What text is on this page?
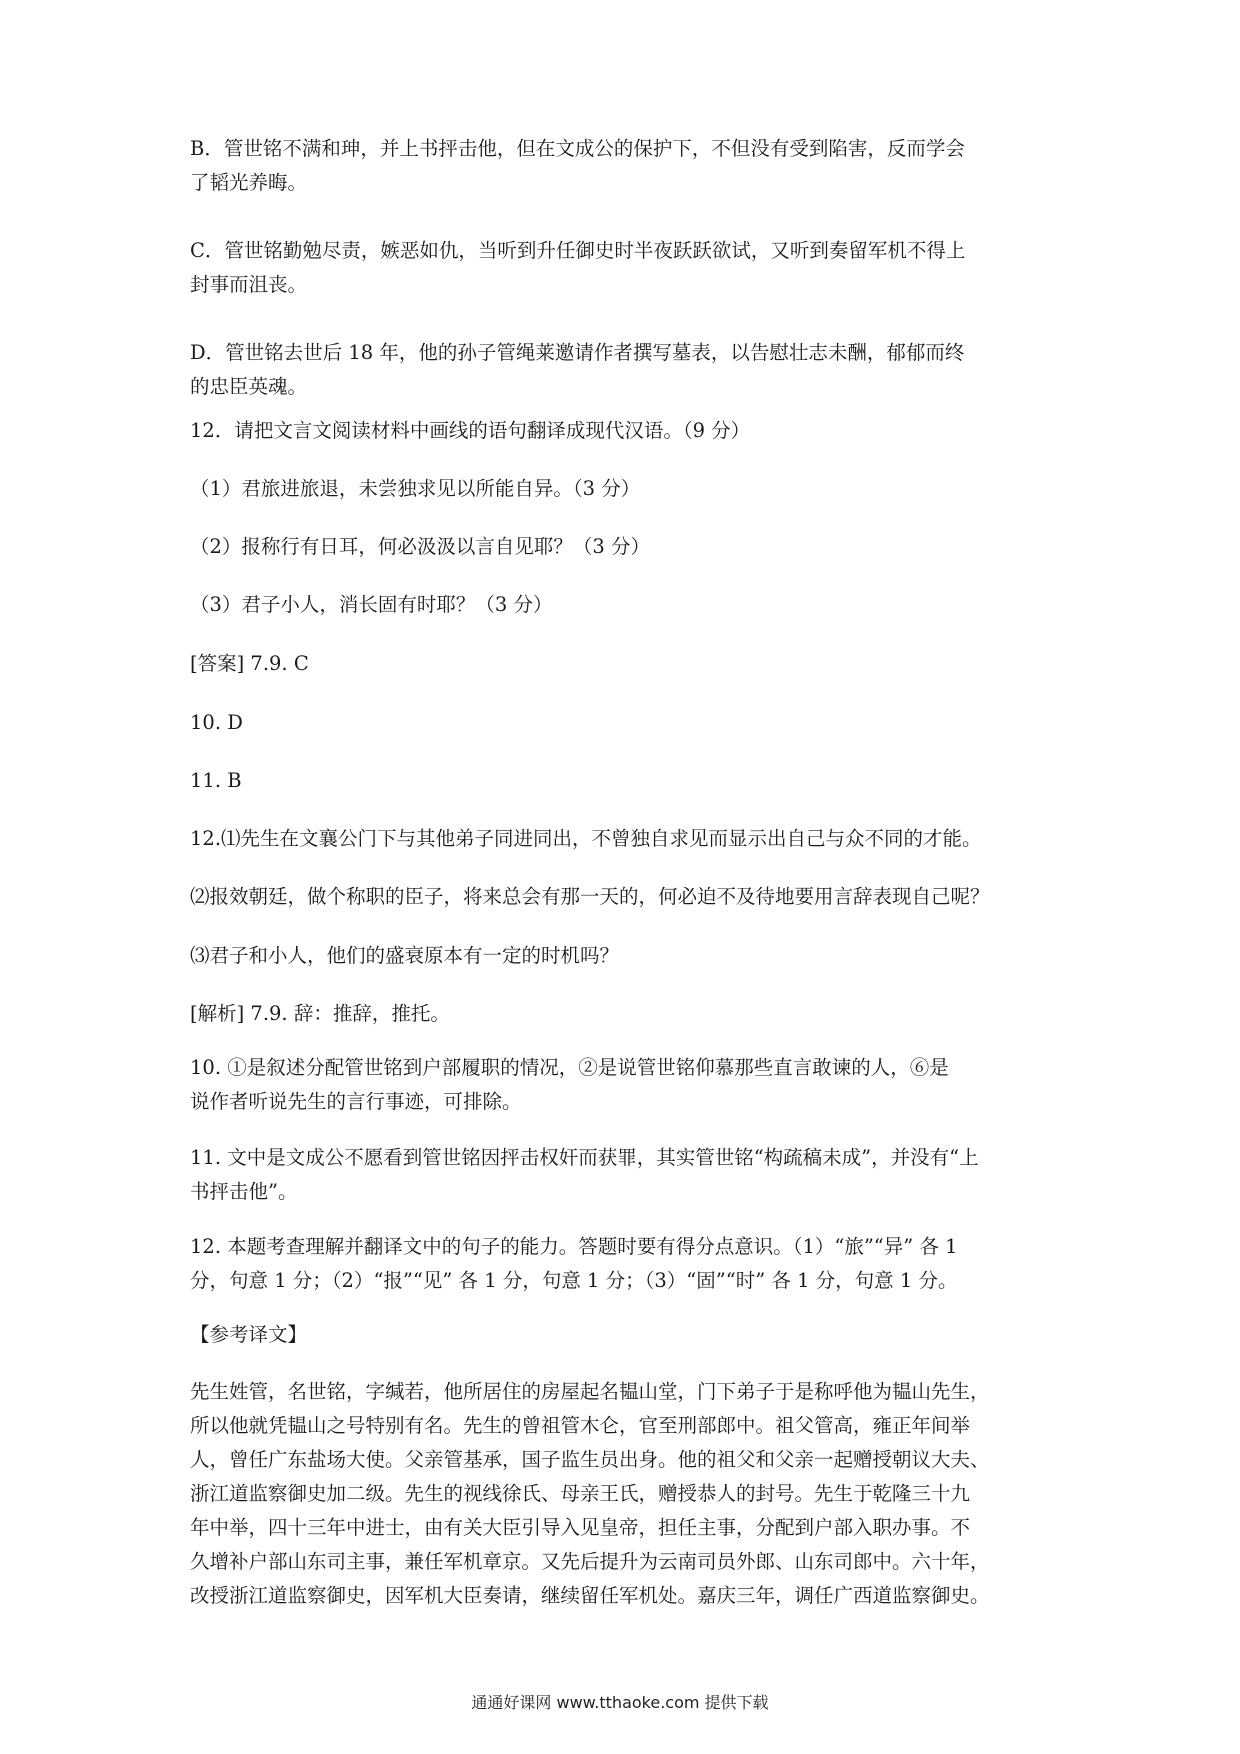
B．管世铭不满和珅，并上书抨击他，但在文成公的保护下，不但没有受到陷害，反而学会
了韬光养晦。
C．管世铭勤勉尽责，嫉恶如仇，当听到升任御史时半夜跃跃欲试，又听到奏留军机不得上
封事而沮丧。
D．管世铭去世后 18 年，他的孙子管绳莱邀请作者撰写墓表，以告慰壮志未酬，郁郁而终
的忠臣英魂。
12．请把文言文阅读材料中画线的语句翻译成现代汉语。（9 分）
（1）君旅进旅退，未尝独求见以所能自异。（3 分）
（2）报称行有日耳，何必汲汲以言自见耶？（3 分）
（3）君子小人，消长固有时耶？（3 分）
[答案] 7.9. C
10. D
11. B
12.⑴先生在文襄公门下与其他弟子同进同出，不曾独自求见而显示出自己与众不同的才能。
⑵报效朝廷，做个称职的臣子，将来总会有那一天的，何必迫不及待地要用言辞表现自己呢？
⑶君子和小人，他们的盛衰原本有一定的时机吗？
[解析] 7.9. 辞：推辞，推托。
10. ①是叙述分配管世铭到户部履职的情况，②是说管世铭仰慕那些直言敢谏的人，⑥是
说作者听说先生的言行事迹，可排除。
11. 文中是文成公不愿看到管世铭因抨击权奸而获罪，其实管世铭“构疏稿未成”，并没有“上
书抨击他”。
12. 本题考查理解并翻译文中的句子的能力。答题时要有得分点意识。（1）“旅”“异” 各 1
分，句意 1 分；（2）“报”“见” 各 1 分，句意 1 分；（3）“固”“时” 各 1 分，句意 1 分。
【参考译文】
先生姓管，名世铭，字缄若，他所居住的房屋起名韫山堂，门下弟子于是称呼他为韫山先生，
所以他就凭韫山之号特别有名。先生的曾祖管木仑，官至刑部郎中。祖父管高，雍正年间举
人，曾任广东盐场大使。父亲管基承，国子监生员出身。他的祖父和父亲一起赠授朝议大夫、
浙江道监察御史加二级。先生的视线徐氏、母亲王氏，赠授恭人的封号。先生于乾隆三十九
年中举，四十三年中进士，由有关大臣引导入见皇帝，担任主事，分配到户部入职办事。不
久增补户部山东司主事，兼任军机章京。又先后提升为云南司员外郎、山东司郎中。六十年，
改授浙江道监察御史，因军机大臣奏请，继续留任军机处。嘉庆三年，调任广西道监察御史。
通通好课网 www.tthaoke.com 提供下载
